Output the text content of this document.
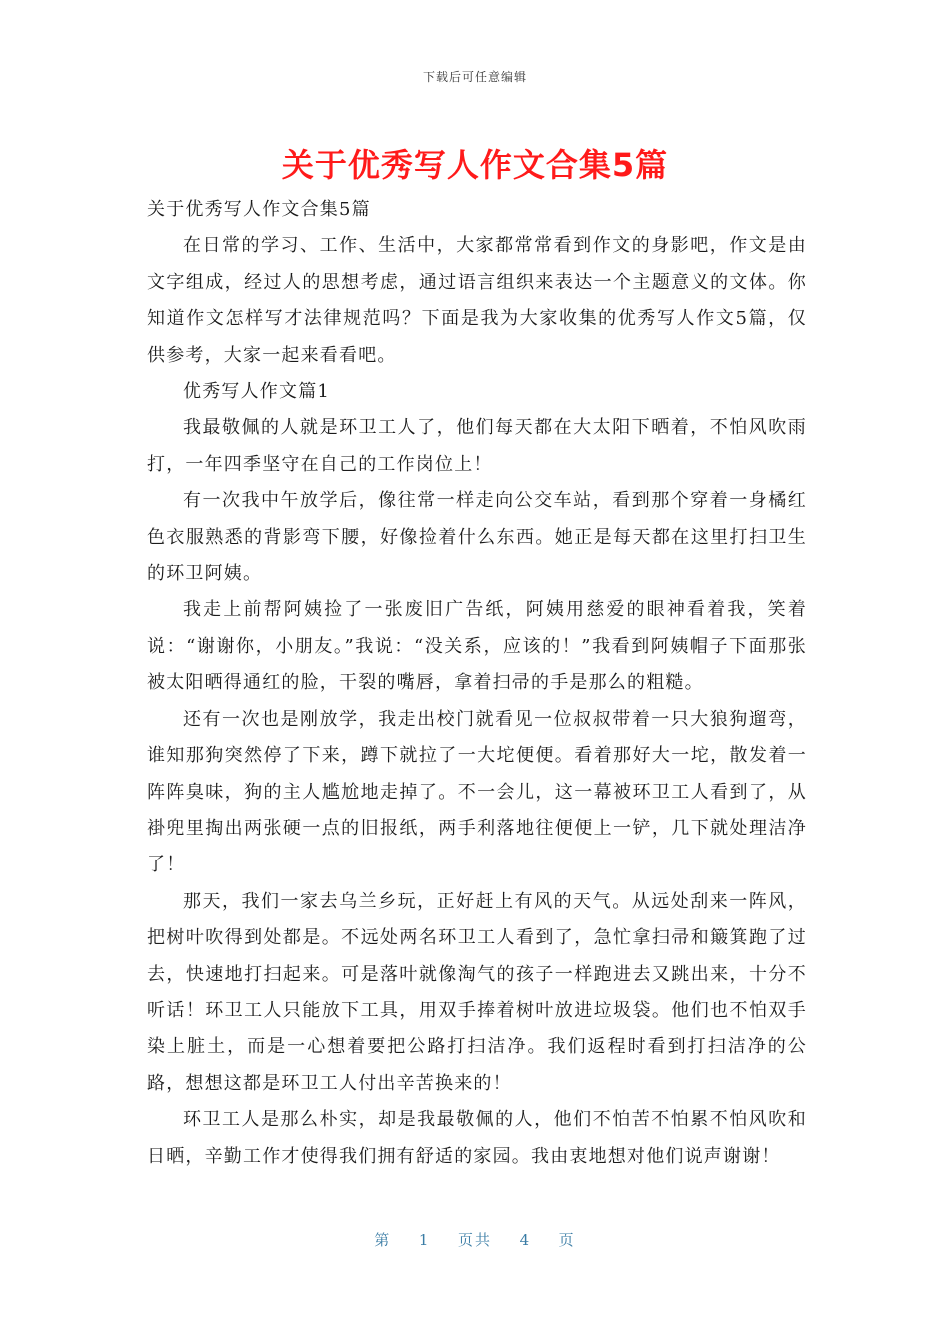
下载后可任意编辑
关于优秀写人作文合集5篇

关于优秀写人作文合集5篇

在日常的学习、工作、生活中，大家都常常看到作文的身影吧，作文是由文字组成，经过人的思想考虑，通过语言组织来表达一个主题意义的文体。你知道作文怎样写才法律规范吗？下面是我为大家收集的优秀写人作文5篇，仅供参考，大家一起来看看吧。

优秀写人作文篇1

我最敬佩的人就是环卫工人了，他们每天都在大太阳下晒着，不怕风吹雨打，一年四季坚守在自己的工作岗位上！

有一次我中午放学后，像往常一样走向公交车站，看到那个穿着一身橘红色衣服熟悉的背影弯下腰，好像捡着什么东西。她正是每天都在这里打扫卫生的环卫阿姨。

我走上前帮阿姨捡了一张废旧广告纸，阿姨用慈爱的眼神看着我，笑着说：“谢谢你，小朋友。”我说：“没关系，应该的！”我看到阿姨帽子下面那张被太阳晒得通红的脸，干裂的嘴唇，拿着扫帚的手是那么的粗糙。

还有一次也是刚放学，我走出校门就看见一位叔叔带着一只大狼狗遛弯，谁知那狗突然停了下来，蹲下就拉了一大坨便便。看着那好大一坨，散发着一阵阵臭味，狗的主人尴尬地走掉了。不一会儿，这一幕被环卫工人看到了，从褂兜里掏出两张硬一点的旧报纸，两手利落地往便便上一铲，几下就处理洁净了！

那天，我们一家去乌兰乡玩，正好赶上有风的天气。从远处刮来一阵风，把树叶吹得到处都是。不远处两名环卫工人看到了，急忙拿扫帚和簸箕跑了过去，快速地打扫起来。可是落叶就像淘气的孩子一样跑进去又跳出来，十分不听话！环卫工人只能放下工具，用双手捧着树叶放进垃圾袋。他们也不怕双手染上脏土，而是一心想着要把公路打扫洁净。我们返程时看到打扫洁净的公路，想想这都是环卫工人付出辛苦换来的！

环卫工人是那么朴实，却是我最敬佩的人，他们不怕苦不怕累不怕风吹和日晒，辛勤工作才使得我们拥有舒适的家园。我由衷地想对他们说声谢谢！

第 1 页共 4 页
